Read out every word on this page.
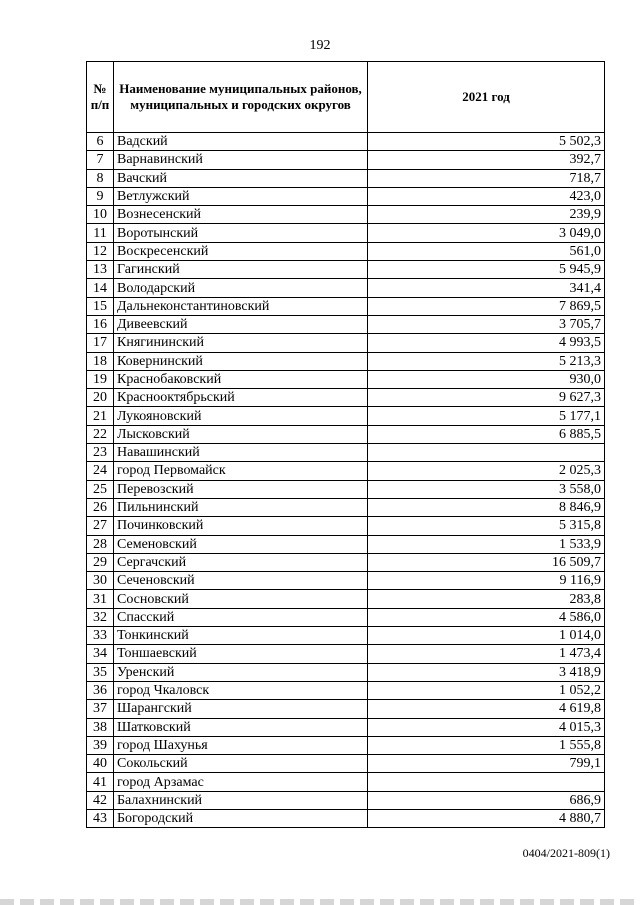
192
№ п/п	Наименование муниципальных районов, муниципальных и городских округов	2021 год
6	Вадский	5 502,3
7	Варнавинский	392,7
8	Вачский	718,7
9	Ветлужский	423,0
10	Вознесенский	239,9
11	Воротынский	3 049,0
12	Воскресенский	561,0
13	Гагинский	5 945,9
14	Володарский	341,4
15	Дальнеконстантиновский	7 869,5
16	Дивеевский	3 705,7
17	Княгининский	4 993,5
18	Ковернинский	5 213,3
19	Краснобаковский	930,0
20	Краснооктябрьский	9 627,3
21	Лукояновский	5 177,1
22	Лысковский	6 885,5
23	Навашинский	
24	город Первомайск	2 025,3
25	Перевозский	3 558,0
26	Пильнинский	8 846,9
27	Починковский	5 315,8
28	Семеновский	1 533,9
29	Сергачский	16 509,7
30	Сеченовский	9 116,9
31	Сосновский	283,8
32	Спасский	4 586,0
33	Тонкинский	1 014,0
34	Тоншаевский	1 473,4
35	Уренский	3 418,9
36	город Чкаловск	1 052,2
37	Шарангский	4 619,8
38	Шатковский	4 015,3
39	город Шахунья	1 555,8
40	Сокольский	799,1
41	город Арзамас	
42	Балахнинский	686,9
43	Богородский	4 880,7
0404/2021-809(1)
